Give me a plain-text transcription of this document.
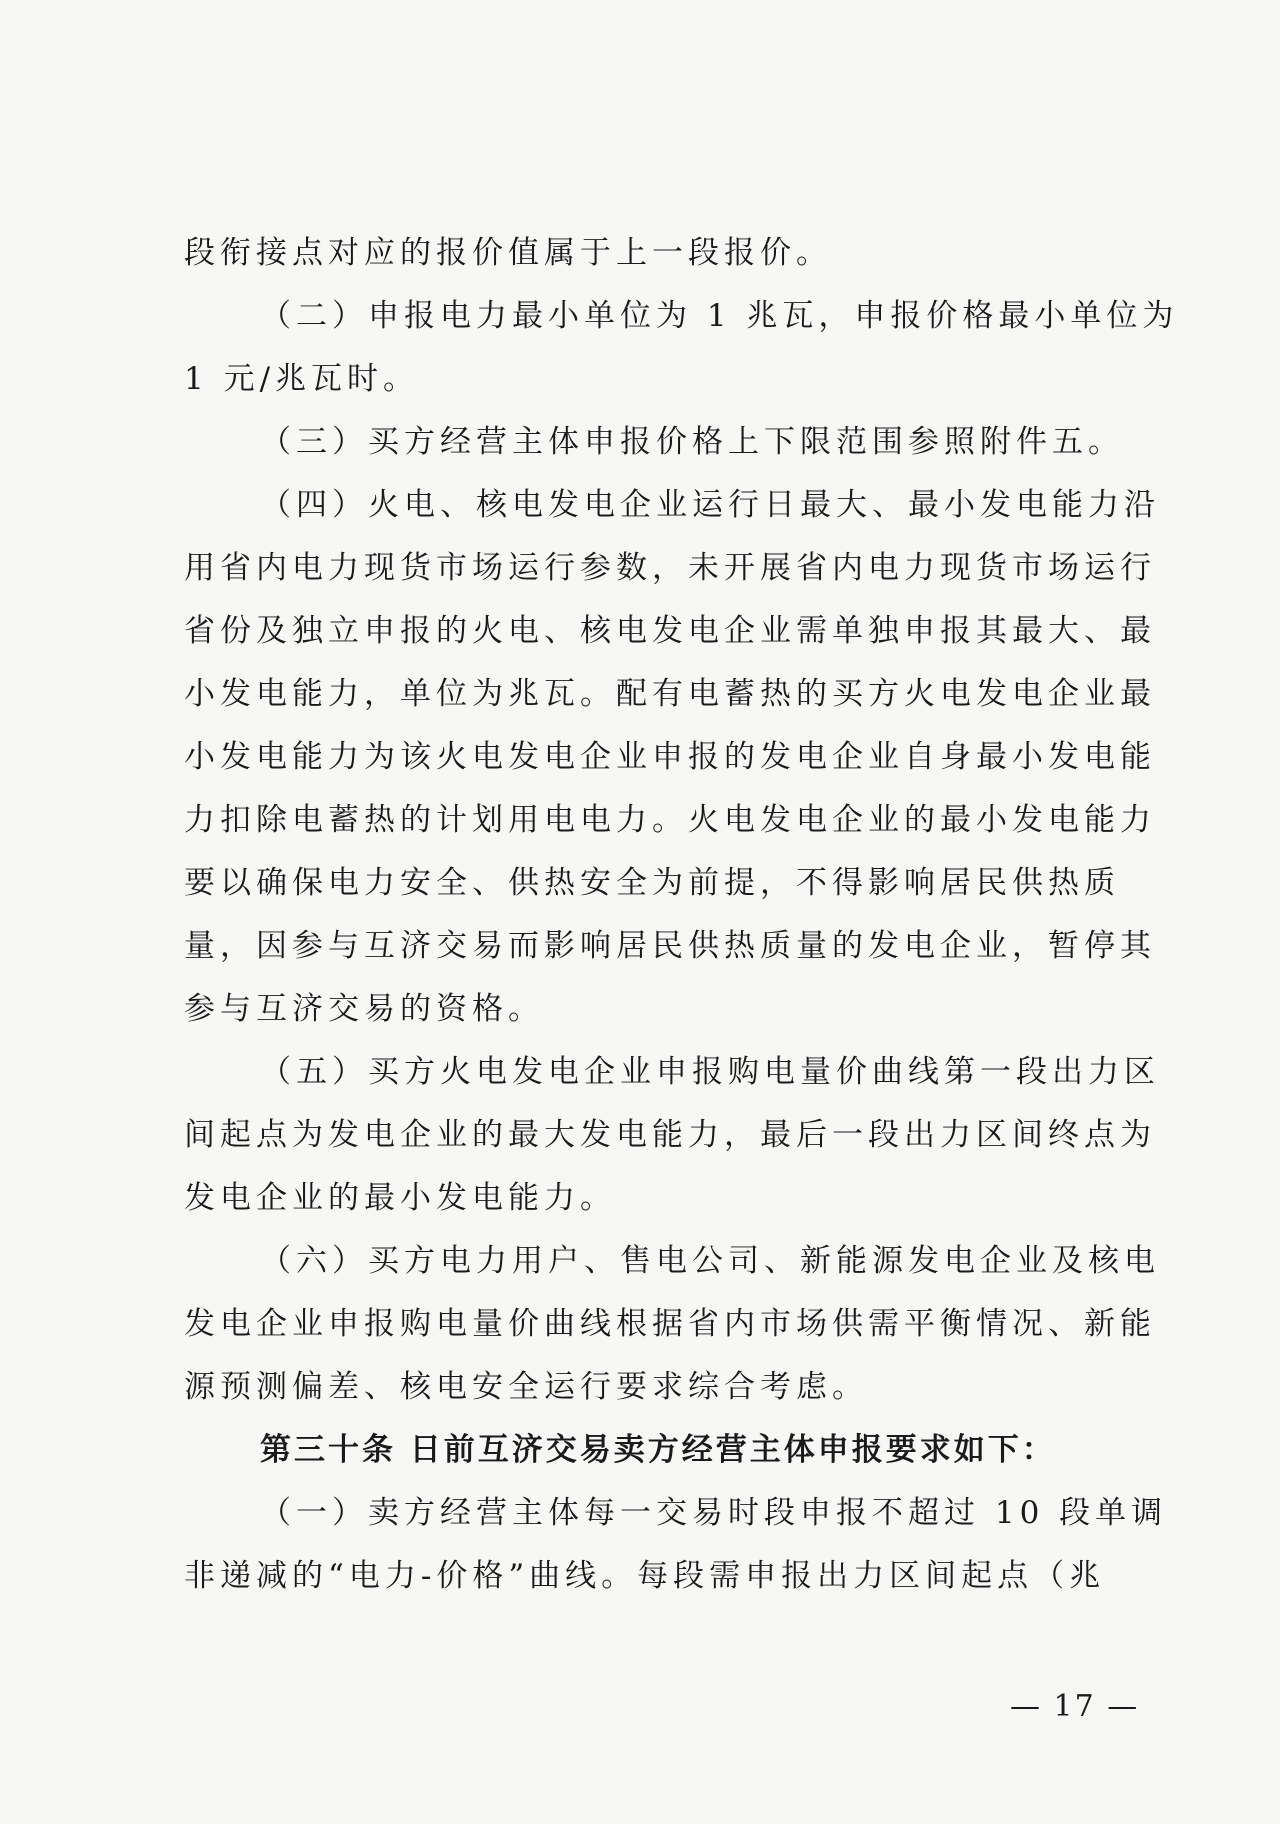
段衔接点对应的报价值属于上一段报价。
（二）申报电力最小单位为 1 兆瓦，申报价格最小单位为
1 元/兆瓦时。
（三）买方经营主体申报价格上下限范围参照附件五。
（四）火电、核电发电企业运行日最大、最小发电能力沿
用省内电力现货市场运行参数，未开展省内电力现货市场运行
省份及独立申报的火电、核电发电企业需单独申报其最大、最
小发电能力，单位为兆瓦。配有电蓄热的买方火电发电企业最
小发电能力为该火电发电企业申报的发电企业自身最小发电能
力扣除电蓄热的计划用电电力。火电发电企业的最小发电能力
要以确保电力安全、供热安全为前提，不得影响居民供热质
量，因参与互济交易而影响居民供热质量的发电企业，暂停其
参与互济交易的资格。
（五）买方火电发电企业申报购电量价曲线第一段出力区
间起点为发电企业的最大发电能力，最后一段出力区间终点为
发电企业的最小发电能力。
（六）买方电力用户、售电公司、新能源发电企业及核电
发电企业申报购电量价曲线根据省内市场供需平衡情况、新能
源预测偏差、核电安全运行要求综合考虑。
第三十条 日前互济交易卖方经营主体申报要求如下：
（一）卖方经营主体每一交易时段申报不超过 10 段单调
非递减的“电力-价格”曲线。每段需申报出力区间起点（兆
— 17 —
